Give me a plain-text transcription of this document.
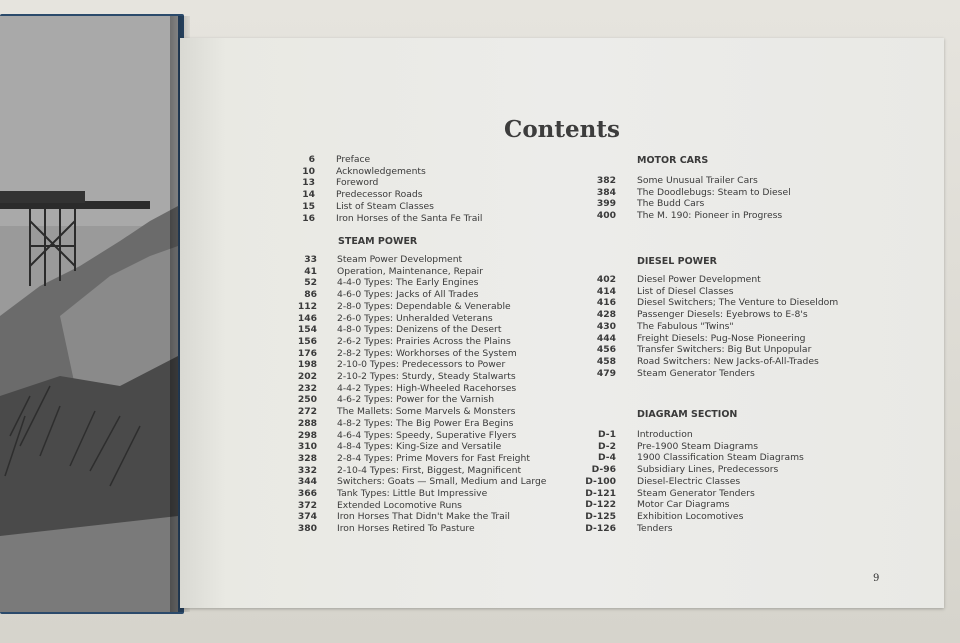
Contents
6 Preface
10 Acknowledgements
13 Foreword
14 Predecessor Roads
15 List of Steam Classes
16 Iron Horses of the Santa Fe Trail
STEAM POWER
33 Steam Power Development
41 Operation, Maintenance, Repair
52 4-4-0 Types: The Early Engines
86 4-6-0 Types: Jacks of All Trades
112 2-8-0 Types: Dependable & Venerable
146 2-6-0 Types: Unheralded Veterans
154 4-8-0 Types: Denizens of the Desert
156 2-6-2 Types: Prairies Across the Plains
176 2-8-2 Types: Workhorses of the System
198 2-10-0 Types: Predecessors to Power
202 2-10-2 Types: Sturdy, Steady Stalwarts
232 4-4-2 Types: High-Wheeled Racehorses
250 4-6-2 Types: Power for the Varnish
272 The Mallets: Some Marvels & Monsters
288 4-8-2 Types: The Big Power Era Begins
298 4-6-4 Types: Speedy, Superative Flyers
310 4-8-4 Types: King-Size and Versatile
328 2-8-4 Types: Prime Movers for Fast Freight
332 2-10-4 Types: First, Biggest, Magnificent
344 Switchers: Goats — Small, Medium and Large
366 Tank Types: Little But Impressive
372 Extended Locomotive Runs
374 Iron Horses That Didn't Make the Trail
380 Iron Horses Retired To Pasture
MOTOR CARS
382 Some Unusual Trailer Cars
384 The Doodlebugs: Steam to Diesel
399 The Budd Cars
400 The M. 190: Pioneer in Progress
DIESEL POWER
402 Diesel Power Development
414 List of Diesel Classes
416 Diesel Switchers; The Venture to Dieseldom
428 Passenger Diesels: Eyebrows to E-8's
430 The Fabulous "Twins"
444 Freight Diesels: Pug-Nose Pioneering
456 Transfer Switchers: Big But Unpopular
458 Road Switchers: New Jacks-of-All-Trades
479 Steam Generator Tenders
DIAGRAM SECTION
D-1 Introduction
D-2 Pre-1900 Steam Diagrams
D-4 1900 Classification Steam Diagrams
D-96 Subsidiary Lines, Predecessors
D-100 Diesel-Electric Classes
D-121 Steam Generator Tenders
D-122 Motor Car Diagrams
D-125 Exhibition Locomotives
D-126 Tenders
9
